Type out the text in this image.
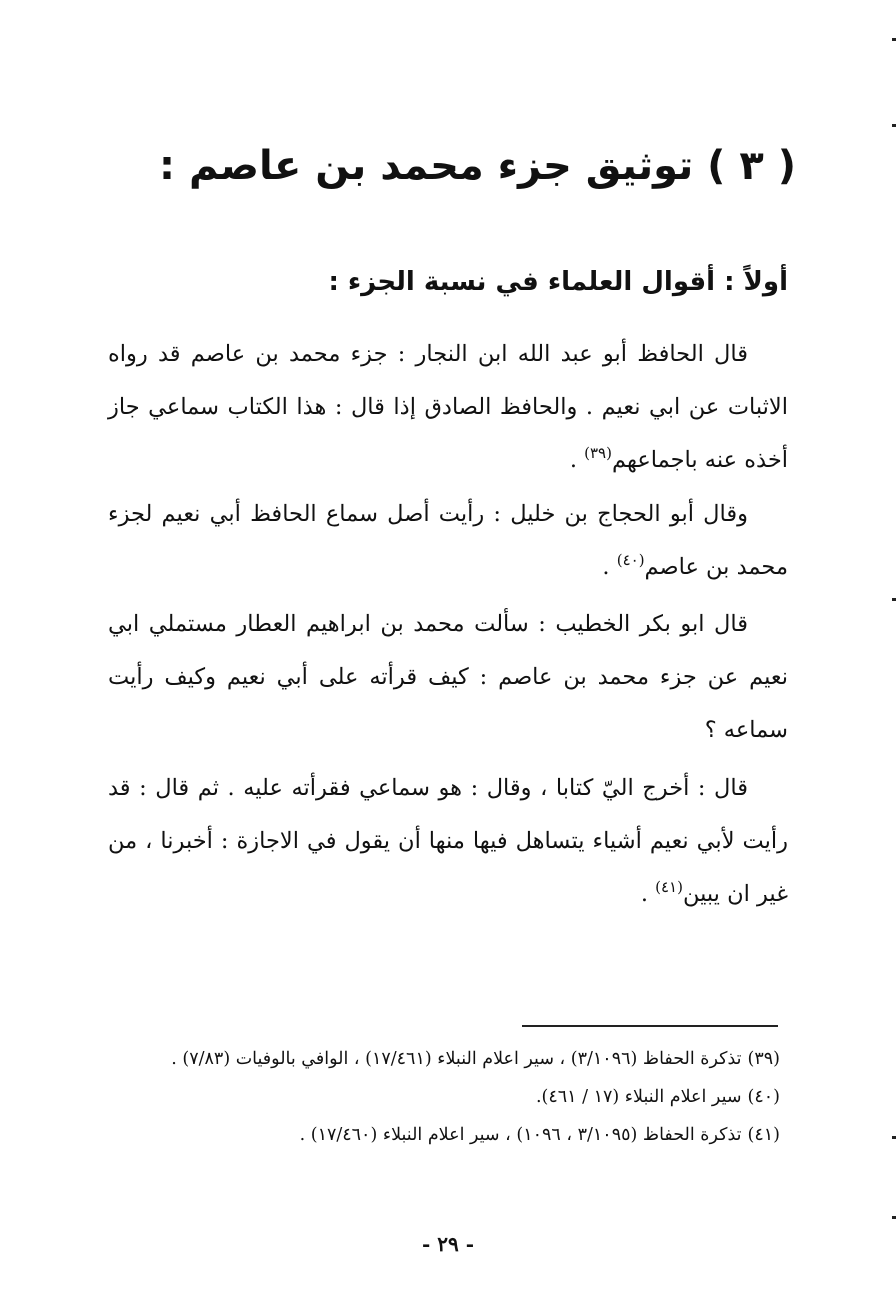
( ٣ ) توثيق جزء محمد بن عاصم :
أولاً : أقوال العلماء في نسبة الجزء :

قال الحافظ أبو عبد الله ابن النجار : جزء محمد بن عاصم قد رواه الاثبات عن ابي نعيم . والحافظ الصادق إذا قال : هذا الكتاب سماعي جاز أخذه عنه باجماعهم$^{(٣٩)}$ .

وقال أبو الحجاج بن خليل : رأيت أصل سماع الحافظ أبي نعيم لجزء محمد بن عاصم$^{(٤٠)}$ .

قال ابو بكر الخطيب : سألت محمد بن ابراهيم العطار مستملي ابي نعيم عن جزء محمد بن عاصم : كيف قرأته على أبي نعيم وكيف رأيت سماعه ؟

قال : أخرج اليّ كتابا ، وقال : هو سماعي فقرأته عليه . ثم قال : قد رأيت لأبي نعيم أشياء يتساهل فيها منها أن يقول في الاجازة : أخبرنا ، من غير ان يبين$^{(٤١)}$ .

(٣٩)تذكرة الحفاظ (٣/١٠٩٦) ، سير اعلام النبلاء (١٧/٤٦١) ، الوافي بالوفيات (٧/٨٣) .

(٤٠)سير اعلام النبلاء (١٧ / ٤٦١).

(٤١)تذكرة الحفاظ (٣/١٠٩٥ ، ١٠٩٦) ، سير اعلام النبلاء (١٧/٤٦٠) .

- ٢٩ -
